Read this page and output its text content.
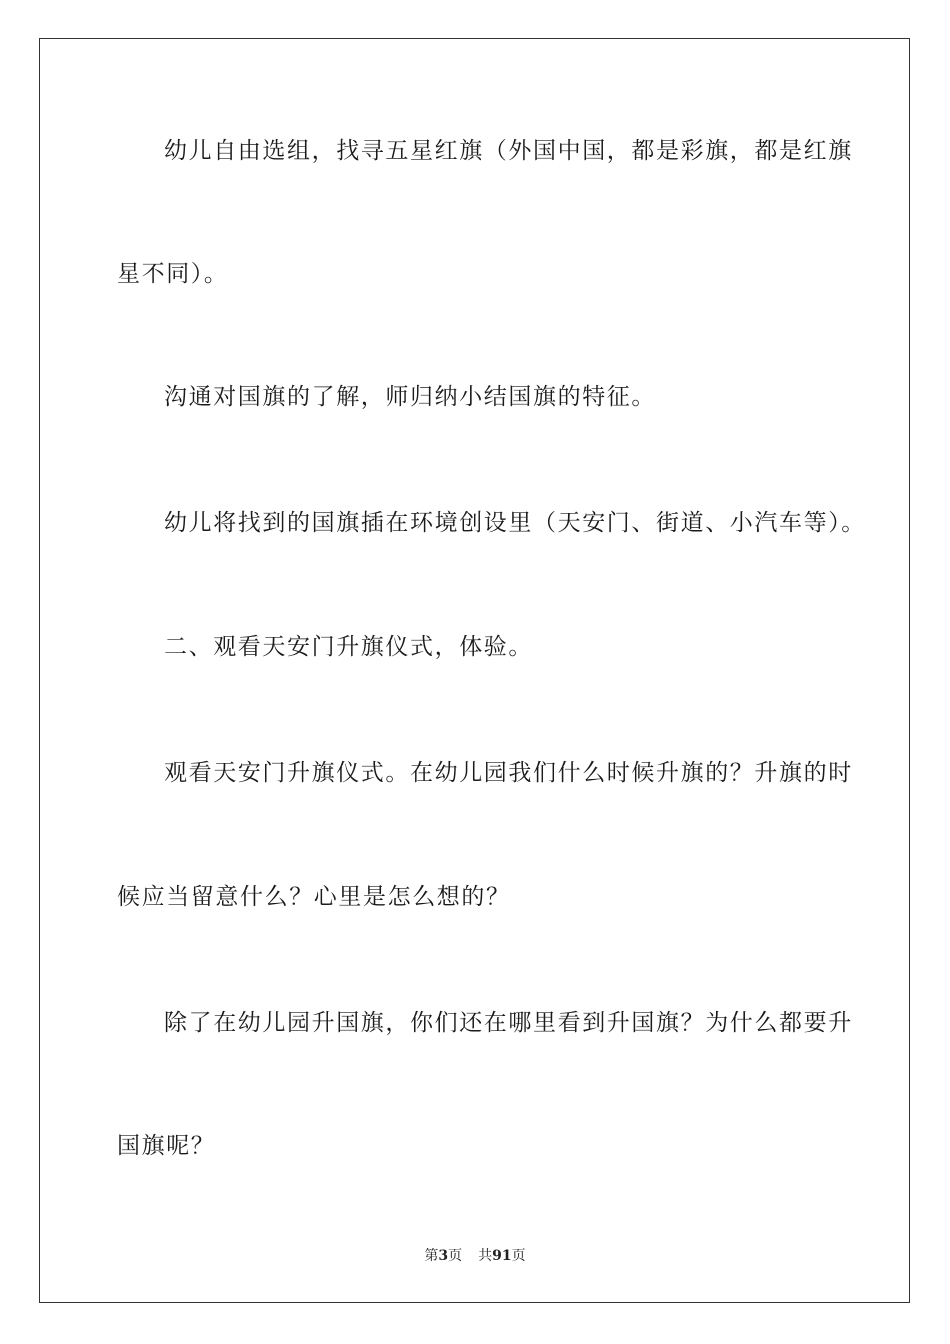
幼儿自由选组，找寻五星红旗（外国中国，都是彩旗，都是红旗
星不同）。
沟通对国旗的了解，师归纳小结国旗的特征。
幼儿将找到的国旗插在环境创设里（天安门、街道、小汽车等）。
二、观看天安门升旗仪式，体验。
观看天安门升旗仪式。在幼儿园我们什么时候升旗的？升旗的时
候应当留意什么？心里是怎么想的？
除了在幼儿园升国旗，你们还在哪里看到升国旗？为什么都要升
国旗呢？
第3页 共91页
